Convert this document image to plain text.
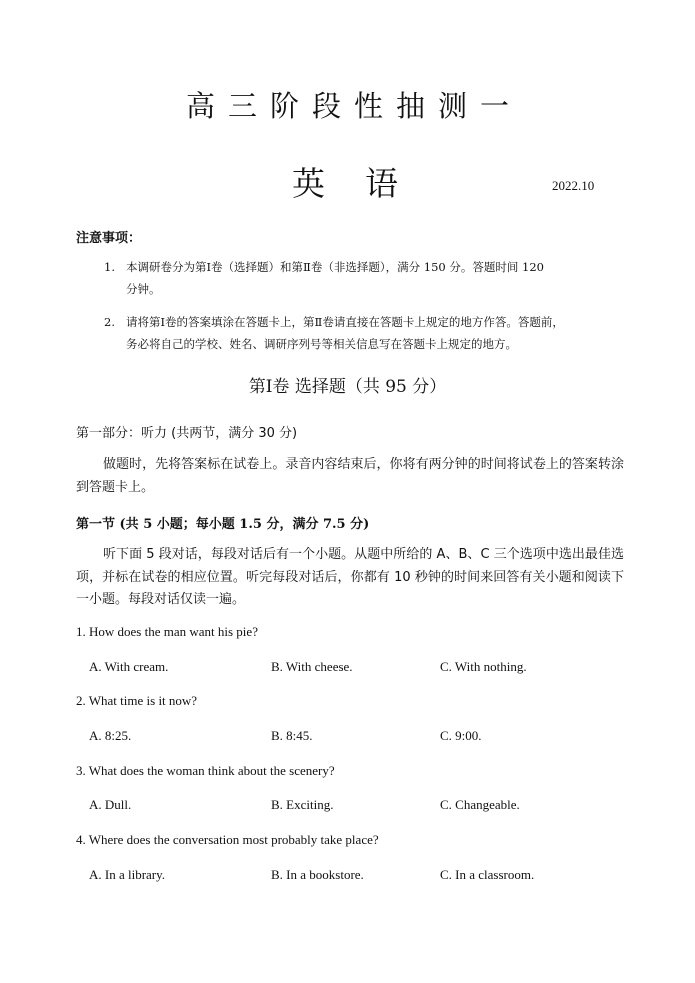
高三阶段性抽测一
英语	2022.10
注意事项：
1. 本调研卷分为第Ⅰ卷（选择题）和第Ⅱ卷（非选择题），满分 150 分。答题时间 120
分钟。
2. 请将第Ⅰ卷的答案填涂在答题卡上，第Ⅱ卷请直接在答题卡上规定的地方作答。答题前，
务必将自己的学校、姓名、调研序列号等相关信息写在答题卡上规定的地方。
第Ⅰ卷 选择题（共 95 分）
第一部分：听力 (共两节，满分 30 分)
做题时，先将答案标在试卷上。录音内容结束后，你将有两分钟的时间将试卷上的答案转涂到答题卡上。
第一节 (共 5 小题；每小题 1.5 分，满分 7.5 分)
听下面 5 段对话，每段对话后有一个小题。从题中所给的 A、B、C 三个选项中选出最佳选项，并标在试卷的相应位置。听完每段对话后，你都有 10 秒钟的时间来回答有关小题和阅读下一小题。每段对话仅读一遍。
1. How does the man want his pie?
A. With cream.	B. With cheese.	C. With nothing.
2. What time is it now?
A. 8:25.	B. 8:45.	C. 9:00.
3. What does the woman think about the scenery?
A. Dull.	B. Exciting.	C. Changeable.
4. Where does the conversation most probably take place?
A. In a library.	B. In a bookstore.	C. In a classroom.
